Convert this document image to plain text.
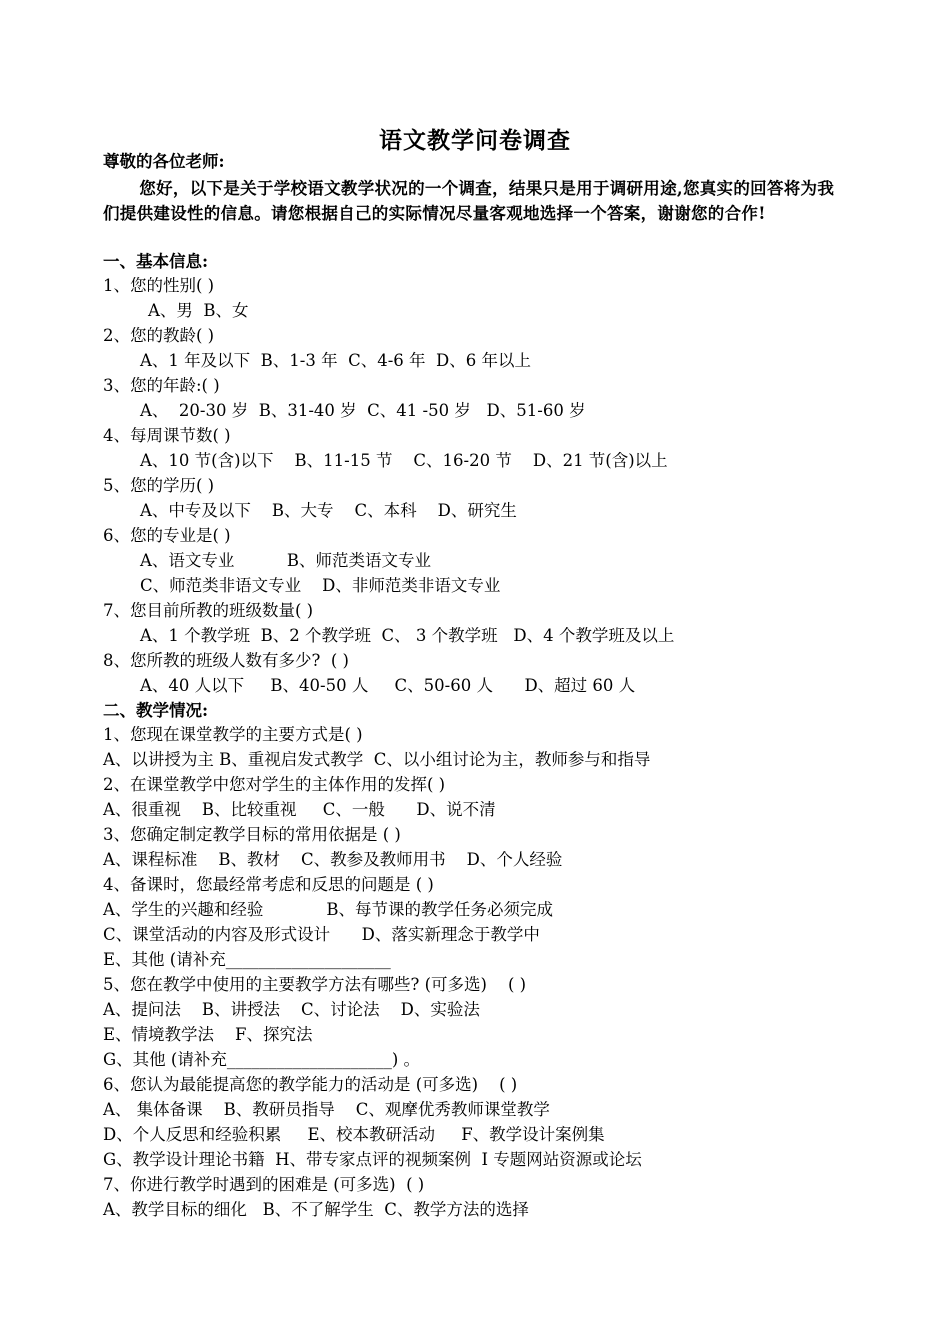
语文教学问卷调查
尊敬的各位老师:
您好，以下是关于学校语文教学状况的一个调查，结果只是用于调研用途,您真实的回答将为我们提供建设性的信息。请您根据自己的实际情况尽量客观地选择一个答案，谢谢您的合作!
一、基本信息:
1、您的性别( )
A、男  B、女
2、您的教龄( )
A、1 年及以下  B、1-3 年  C、4-6 年  D、6 年以上
3、您的年龄:( )
A、  20-30 岁  B、31-40 岁  C、41 -50 岁   D、51-60 岁
4、每周课节数( )
A、10 节(含)以下    B、11-15 节    C、16-20 节    D、21 节(含)以上
5、您的学历( )
A、中专及以下    B、大专    C、本科    D、研究生
6、您的专业是( )
A、语文专业          B、师范类语文专业
C、师范类非语文专业    D、非师范类非语文专业
7、您目前所教的班级数量( )
A、1 个教学班  B、2 个教学班  C、 3 个教学班   D、4 个教学班及以上
8、您所教的班级人数有多少?  ( )
A、40 人以下     B、40-50 人     C、50-60 人      D、超过 60 人
二、教学情况:
1、您现在课堂教学的主要方式是( )
A、以讲授为主 B、重视启发式教学  C、以小组讨论为主，教师参与和指导
2、在课堂教学中您对学生的主体作用的发挥( )
A、很重视    B、比较重视     C、一般      D、说不清
3、您确定制定教学目标的常用依据是 ( )
A、课程标准    B、教材    C、教参及教师用书    D、个人经验
4、备课时，您最经常考虑和反思的问题是 ( )
A、学生的兴趣和经验            B、每节课的教学任务必须完成
C、课堂活动的内容及形式设计      D、落实新理念于教学中
E、其他 (请补充____________________
5、您在教学中使用的主要教学方法有哪些? (可多选)    ( )
A、提问法    B、讲授法    C、讨论法    D、实验法
E、情境教学法    F、探究法
G、其他 (请补充____________________) 。
6、您认为最能提高您的教学能力的活动是 (可多选)    ( )
A、 集体备课    B、教研员指导    C、观摩优秀教师课堂教学
D、个人反思和经验积累     E、校本教研活动     F、教学设计案例集
G、教学设计理论书籍  H、带专家点评的视频案例  I 专题网站资源或论坛
7、你进行教学时遇到的困难是 (可多选)  ( )
A、教学目标的细化   B、不了解学生  C、教学方法的选择
